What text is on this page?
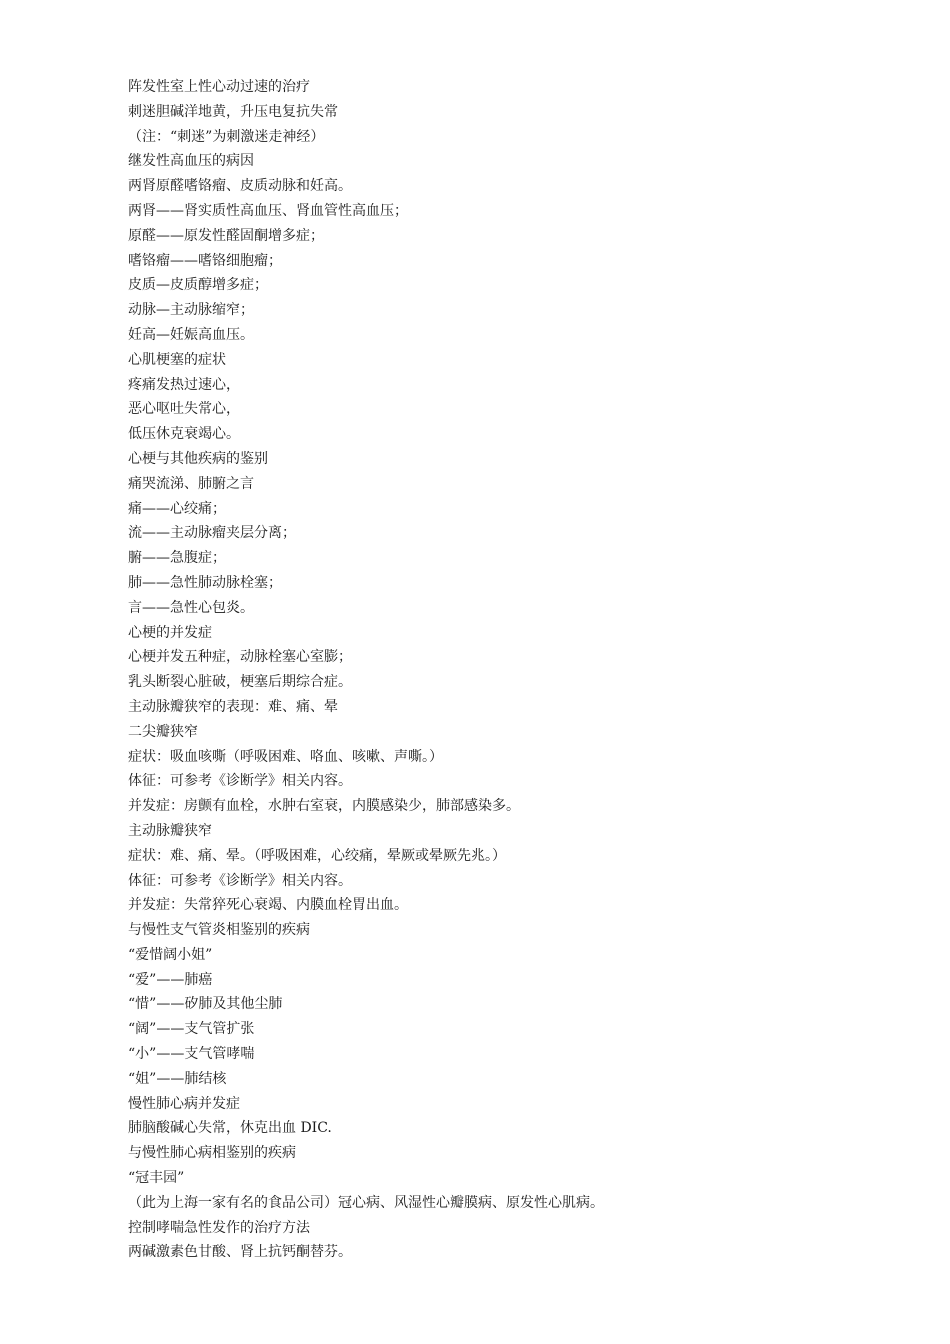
阵发性室上性心动过速的治疗
刺迷胆碱洋地黄，升压电复抗失常
（注：“刺迷”为刺激迷走神经）
继发性高血压的病因
两肾原醛嗜铬瘤、皮质动脉和妊高。
两肾——肾实质性高血压、肾血管性高血压；
原醛——原发性醛固酮增多症；
嗜铬瘤——嗜铬细胞瘤；
皮质—皮质醇增多症；
动脉—主动脉缩窄；
妊高—妊娠高血压。
心肌梗塞的症状
疼痛发热过速心，
恶心呕吐失常心，
低压休克衰竭心。
心梗与其他疾病的鉴别
痛哭流涕、肺腑之言
痛——心绞痛；
流——主动脉瘤夹层分离；
腑——急腹症；
肺——急性肺动脉栓塞；
言——急性心包炎。
心梗的并发症
心梗并发五种症，动脉栓塞心室膨；
乳头断裂心脏破，梗塞后期综合症。
主动脉瓣狭窄的表现：难、痛、晕
二尖瓣狭窄
症状：吸血咳嘶（呼吸困难、咯血、咳嗽、声嘶。）
体征：可参考《诊断学》相关内容。
并发症：房颤有血栓，水肿右室衰，内膜感染少，肺部感染多。
主动脉瓣狭窄
症状：难、痛、晕。（呼吸困难，心绞痛，晕厥或晕厥先兆。）
体征：可参考《诊断学》相关内容。
并发症：失常猝死心衰竭、内膜血栓胃出血。
与慢性支气管炎相鉴别的疾病
“爱惜阔小姐”
“爱”——肺癌
“惜”——矽肺及其他尘肺
“阔”——支气管扩张
“小”——支气管哮喘
“姐”——肺结核
慢性肺心病并发症
肺脑酸碱心失常，休克出血 DIC.
与慢性肺心病相鉴别的疾病
“冠丰园”
（此为上海一家有名的食品公司）冠心病、风湿性心瓣膜病、原发性心肌病。
控制哮喘急性发作的治疗方法
两碱激素色甘酸、肾上抗钙酮替芬。
